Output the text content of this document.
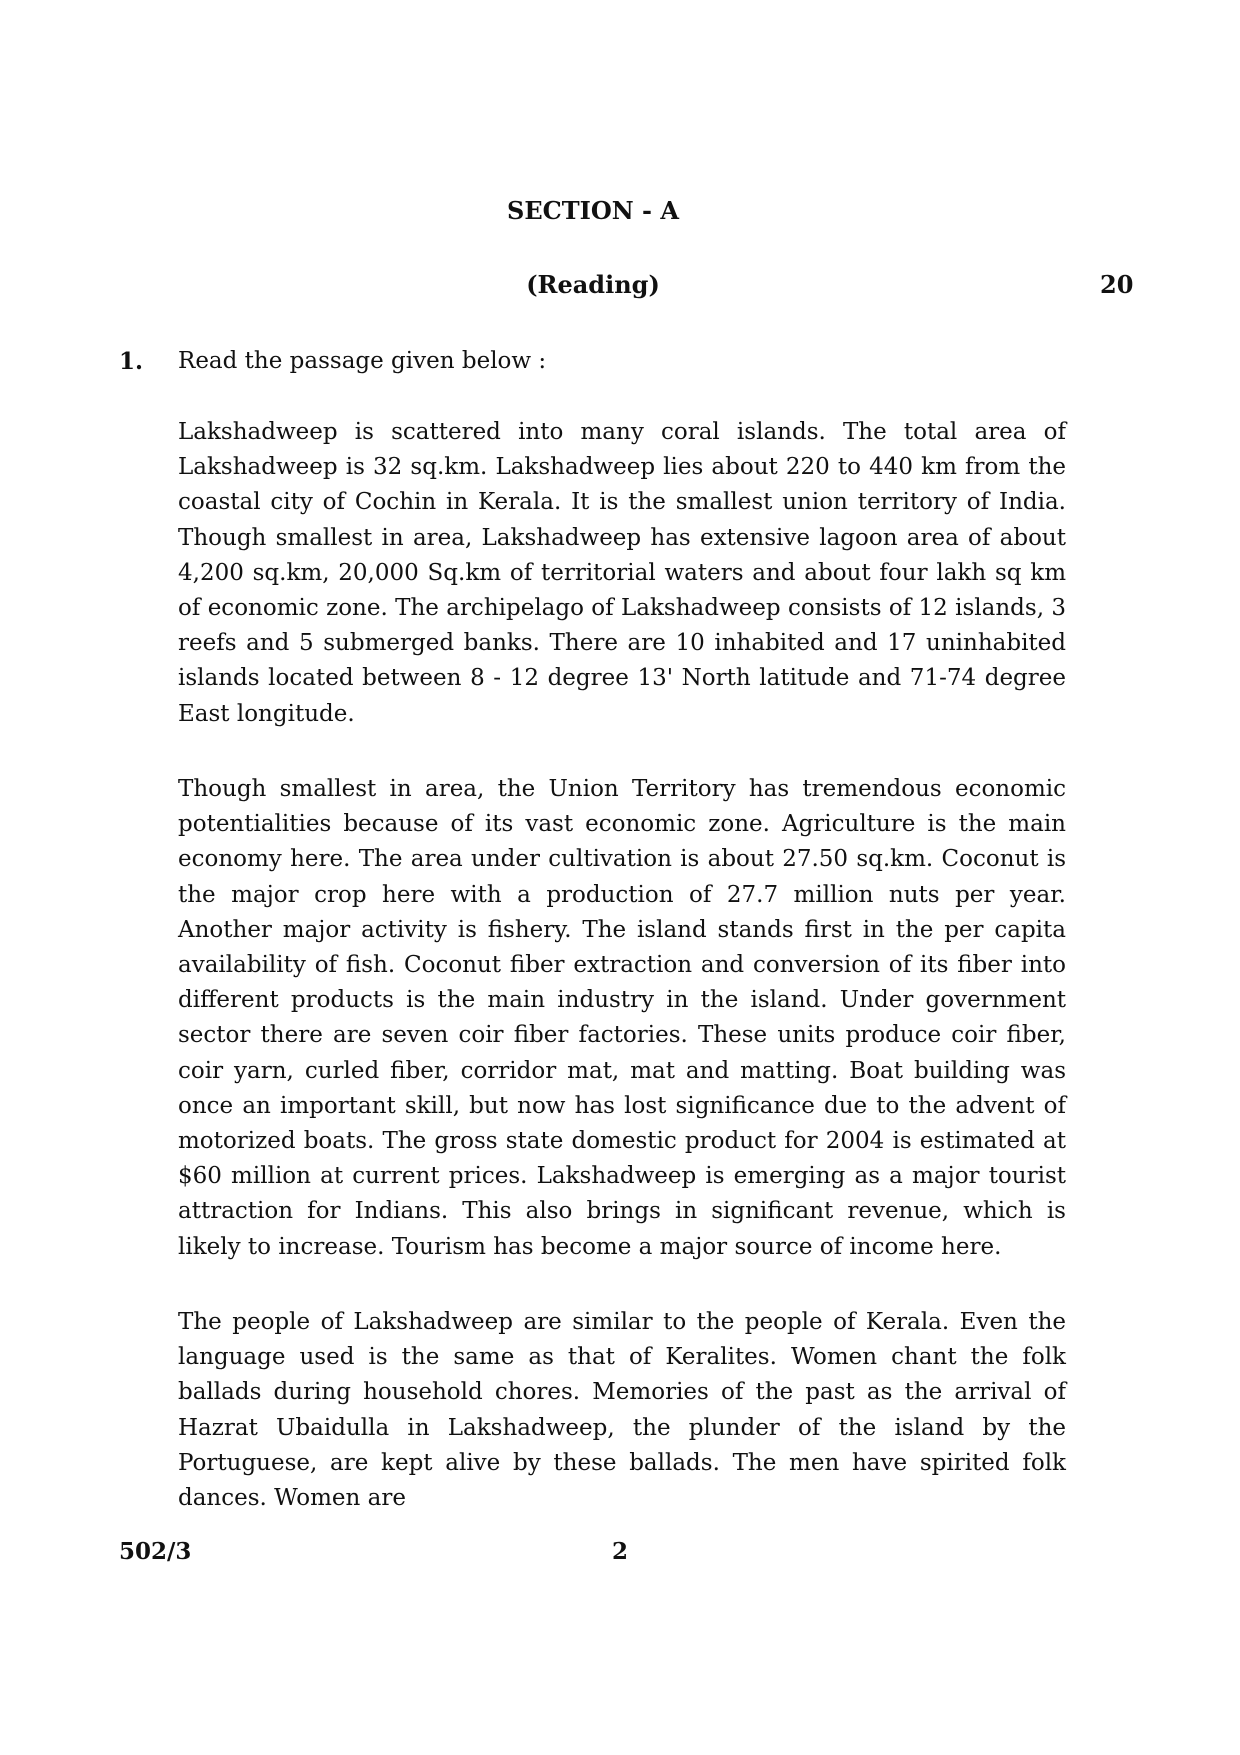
SECTION - A
(Reading)	20
1. Read the passage given below :

Lakshadweep is scattered into many coral islands. The total area of Lakshadweep is 32 sq.km. Lakshadweep lies about 220 to 440 km from the coastal city of Cochin in Kerala. It is the smallest union territory of India. Though smallest in area, Lakshadweep has extensive lagoon area of about 4,200 sq.km, 20,000 Sq.km of territorial waters and about four lakh sq km of economic zone. The archipelago of Lakshadweep consists of 12 islands, 3 reefs and 5 submerged banks. There are 10 inhabited and 17 uninhabited islands located between 8 - 12 degree 13' North latitude and 71-74 degree East longitude.

Though smallest in area, the Union Territory has tremendous economic potentialities because of its vast economic zone. Agriculture is the main economy here. The area under cultivation is about 27.50 sq.km. Coconut is the major crop here with a production of 27.7 million nuts per year. Another major activity is fishery. The island stands first in the per capita availability of fish. Coconut fiber extraction and conversion of its fiber into different products is the main industry in the island. Under government sector there are seven coir fiber factories. These units produce coir fiber, coir yarn, curled fiber, corridor mat, mat and matting. Boat building was once an important skill, but now has lost significance due to the advent of motorized boats. The gross state domestic product for 2004 is estimated at $60 million at current prices. Lakshadweep is emerging as a major tourist attraction for Indians. This also brings in significant revenue, which is likely to increase. Tourism has become a major source of income here.

The people of Lakshadweep are similar to the people of Kerala. Even the language used is the same as that of Keralites. Women chant the folk ballads during household chores. Memories of the past as the arrival of Hazrat Ubaidulla in Lakshadweep, the plunder of the island by the Portuguese, are kept alive by these ballads. The men have spirited folk dances. Women are

502/3	2
